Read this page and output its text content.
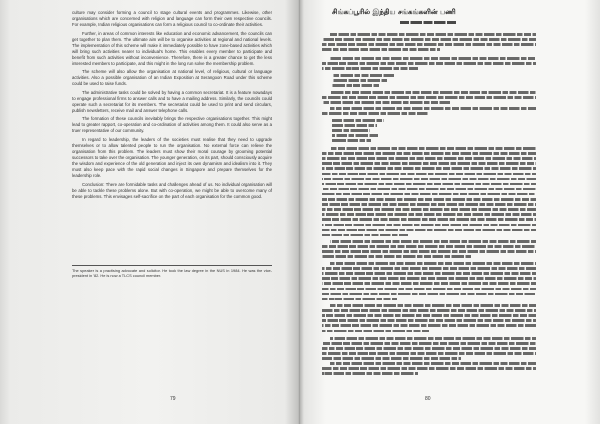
culture may consider forming a council to stage cultural events and programmes. Likewise, other organisations which are concerned with religion and language can form their own respective councils. For example, Indian religious organisations can form a religious council to co-ordinate their activities.

Further, in areas of common interests like education and economic advancement, the councils can get together to plan them. The ultimate aim will be to organise activities at regional and national levels. The implementation of this scheme will make it immediately possible to have zone-based activities which will bring such activities nearer to individual's home. This enables every member to participate and benefit from such activities without inconvenience. Therefore, there is a greater chance to get the less interested members to participate, and this might in the long run solve the membership problem.

The scheme will also allow the organisation at national level, of religious, cultural or language activities. Also a possible organisation of an Indian Exposition at Serangoon Road under this scheme could be used to raise funds.

The administrative tasks could be solved by having a common secretariat. It is a feature nowadays to engage professional firms to answer calls and to have a mailing address. Similarly, the councils could operate such a secretariat for its members. The secretariat could be used to print and send circulars, publish newsletters, receive mail and answer telephone calls.

The formation of these councils inevitably brings the respective organisations together. This might lead to greater rapport, co-operation and co-ordination of activities among them. It could also serve as a truer representative of our community.

In regard to leadership, the leaders of the societies must realise that they need to upgrade themselves or to allow talented people to run the organisation. No external force can relieve the organisation from this problem. The leaders must show their moral courage by grooming potential successors to take over the organisation. The younger generation, on its part, should consciously acquire the wisdom and experience of the old generation and inject its own dynamism and idealism into it. They must also keep pace with the rapid social changes in Singapore and prepare themselves for the leadership role.

Conclusion: There are formidable tasks and challenges ahead of us. No individual organisation will be able to tackle these problems alone. But with co-operation, we might be able to overcome many of these problems. This envisages self-sacrifice on the part of each organisation for the common good.

The speaker is a practising advocate and solicitor. He took the law degree in the NUS in 1984. He was the vice-president in '82. He is now a TLCS council member.
79
சிங்கப்பூரில் இந்திய சங்கங்களின் பணி
80
